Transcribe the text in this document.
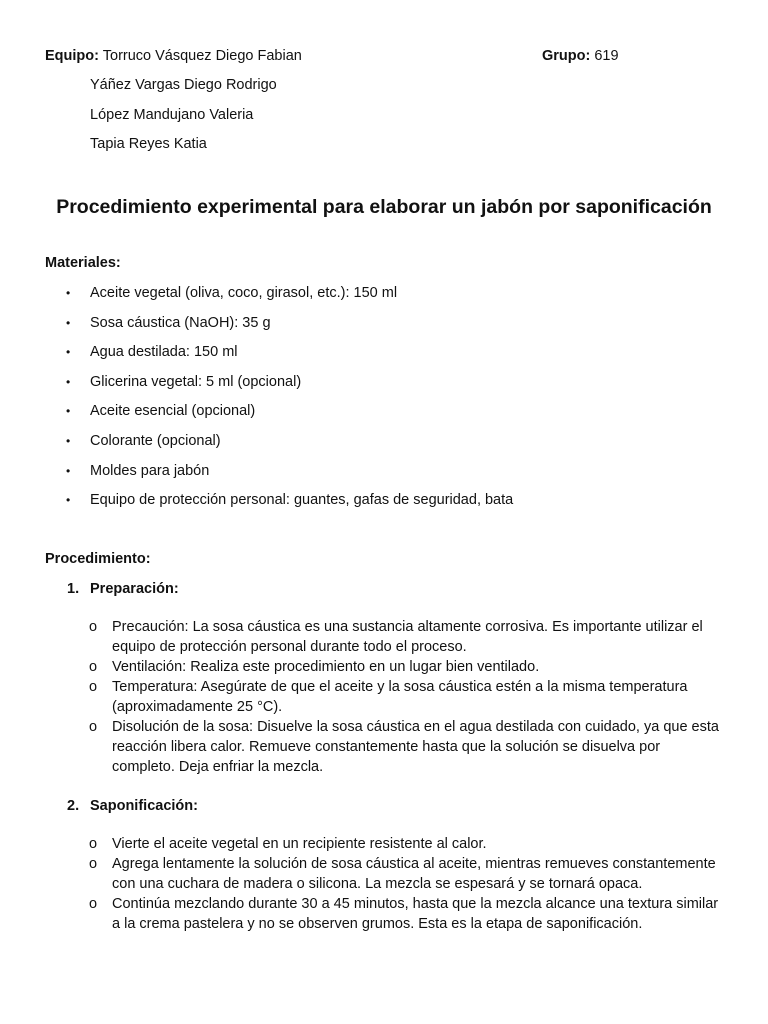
Equipo: Torruco Vásquez Diego Fabian	Grupo: 619
Yáñez Vargas Diego Rodrigo
López Mandujano Valeria
Tapia Reyes Katia
Procedimiento experimental para elaborar un jabón por saponificación
Materiales:
• Aceite vegetal (oliva, coco, girasol, etc.): 150 ml
• Sosa cáustica (NaOH): 35 g
• Agua destilada: 150 ml
• Glicerina vegetal: 5 ml (opcional)
• Aceite esencial (opcional)
• Colorante (opcional)
• Moldes para jabón
• Equipo de protección personal: guantes, gafas de seguridad, bata
Procedimiento:
1. Preparación:
o Precaución: La sosa cáustica es una sustancia altamente corrosiva. Es importante utilizar el equipo de protección personal durante todo el proceso.
o Ventilación: Realiza este procedimiento en un lugar bien ventilado.
o Temperatura: Asegúrate de que el aceite y la sosa cáustica estén a la misma temperatura (aproximadamente 25 °C).
o Disolución de la sosa: Disuelve la sosa cáustica en el agua destilada con cuidado, ya que esta reacción libera calor. Remueve constantemente hasta que la solución se disuelva por completo. Deja enfriar la mezcla.
2. Saponificación:
o Vierte el aceite vegetal en un recipiente resistente al calor.
o Agrega lentamente la solución de sosa cáustica al aceite, mientras remueves constantemente con una cuchara de madera o silicona. La mezcla se espesará y se tornará opaca.
o Continúa mezclando durante 30 a 45 minutos, hasta que la mezcla alcance una textura similar a la crema pastelera y no se observen grumos. Esta es la etapa de saponificación.
